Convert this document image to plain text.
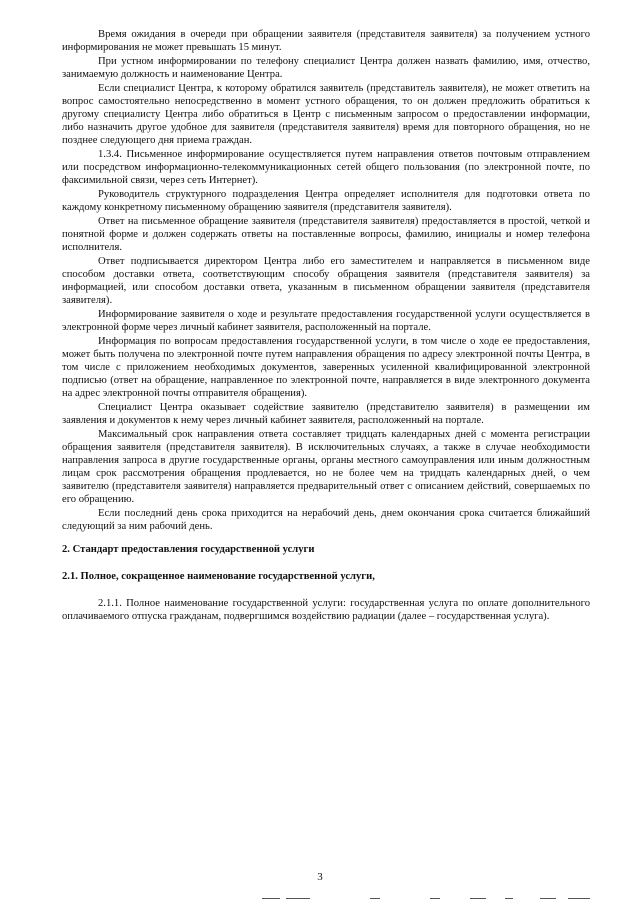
Время ожидания в очереди при обращении заявителя (представителя заявителя) за получением устного информирования не может превышать 15 минут.

При устном информировании по телефону специалист Центра должен назвать фамилию, имя, отчество, занимаемую должность и наименование Центра.

Если специалист Центра, к которому обратился заявитель (представитель заявителя), не может ответить на вопрос самостоятельно непосредственно в момент устного обращения, то он должен предложить обратиться к другому специалисту Центра либо обратиться в Центр с письменным запросом о предоставлении информации, либо назначить другое удобное для заявителя (представителя заявителя) время для повторного обращения, но не позднее следующего дня приема граждан.

1.3.4. Письменное информирование осуществляется путем направления ответов почтовым отправлением или посредством информационно-телекоммуникационных сетей общего пользования (по электронной почте, по факсимильной связи, через сеть Интернет).

Руководитель структурного подразделения Центра определяет исполнителя для подготовки ответа по каждому конкретному письменному обращению заявителя (представителя заявителя).

Ответ на письменное обращение заявителя (представителя заявителя) предоставляется в простой, четкой и понятной форме и должен содержать ответы на поставленные вопросы, фамилию, инициалы и номер телефона исполнителя.

Ответ подписывается директором Центра либо его заместителем и направляется в письменном виде способом доставки ответа, соответствующим способу обращения заявителя (представителя заявителя) за информацией, или способом доставки ответа, указанным в письменном обращении заявителя (представителя заявителя).

Информирование заявителя о ходе и результате предоставления государственной услуги осуществляется в электронной форме через личный кабинет заявителя, расположенный на портале.

Информация по вопросам предоставления государственной услуги, в том числе о ходе ее предоставления, может быть получена по электронной почте путем направления обращения по адресу электронной почты Центра, в том числе с приложением необходимых документов, заверенных усиленной квалифицированной электронной подписью (ответ на обращение, направленное по электронной почте, направляется в виде электронного документа на адрес электронной почты отправителя обращения).

Специалист Центра оказывает содействие заявителю (представителю заявителя) в размещении им заявления и документов к нему через личный кабинет заявителя, расположенный на портале.

Максимальный срок направления ответа составляет тридцать календарных дней с момента регистрации обращения заявителя (представителя заявителя). В исключительных случаях, а также в случае необходимости направления запроса в другие государственные органы, органы местного самоуправления или иным должностным лицам срок рассмотрения обращения продлевается, но не более чем на тридцать календарных дней, о чем заявителю (представителя заявителя) направляется предварительный ответ с описанием действий, совершаемых по его обращению.

Если последний день срока приходится на нерабочий день, днем окончания срока считается ближайший следующий за ним рабочий день.

2. Стандарт предоставления государственной услуги

2.1. Полное, сокращенное наименование государственной услуги,

2.1.1. Полное наименование государственной услуги: государственная услуга по оплате дополнительного оплачиваемого отпуска гражданам, подвергшимся воздействию радиации (далее – государственная услуга).

3
